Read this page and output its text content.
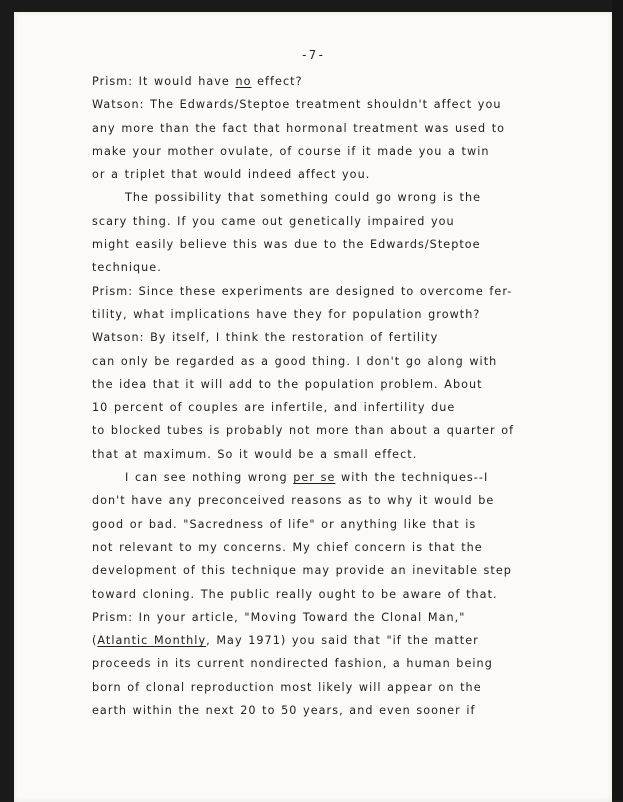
-7-
Prism: It would have no effect?
Watson: The Edwards/Steptoe treatment shouldn't affect you
any more than the fact that hormonal treatment was used to
make your mother ovulate, of course if it made you a twin
or a triplet that would indeed affect you.
The possibility that something could go wrong is the
scary thing. If you came out genetically impaired you
might easily believe this was due to the Edwards/Steptoe
technique.
Prism: Since these experiments are designed to overcome fer-
tility, what implications have they for population growth?
Watson: By itself, I think the restoration of fertility
can only be regarded as a good thing. I don't go along with
the idea that it will add to the population problem. About
10 percent of couples are infertile, and infertility due
to blocked tubes is probably not more than about a quarter of
that at maximum. So it would be a small effect.
I can see nothing wrong per se with the techniques--I
don't have any preconceived reasons as to why it would be
good or bad. "Sacredness of life" or anything like that is
not relevant to my concerns. My chief concern is that the
development of this technique may provide an inevitable step
toward cloning. The public really ought to be aware of that.
Prism: In your article, "Moving Toward the Clonal Man,"
(Atlantic Monthly, May 1971) you said that "if the matter
proceeds in its current nondirected fashion, a human being
born of clonal reproduction most likely will appear on the
earth within the next 20 to 50 years, and even sooner if
